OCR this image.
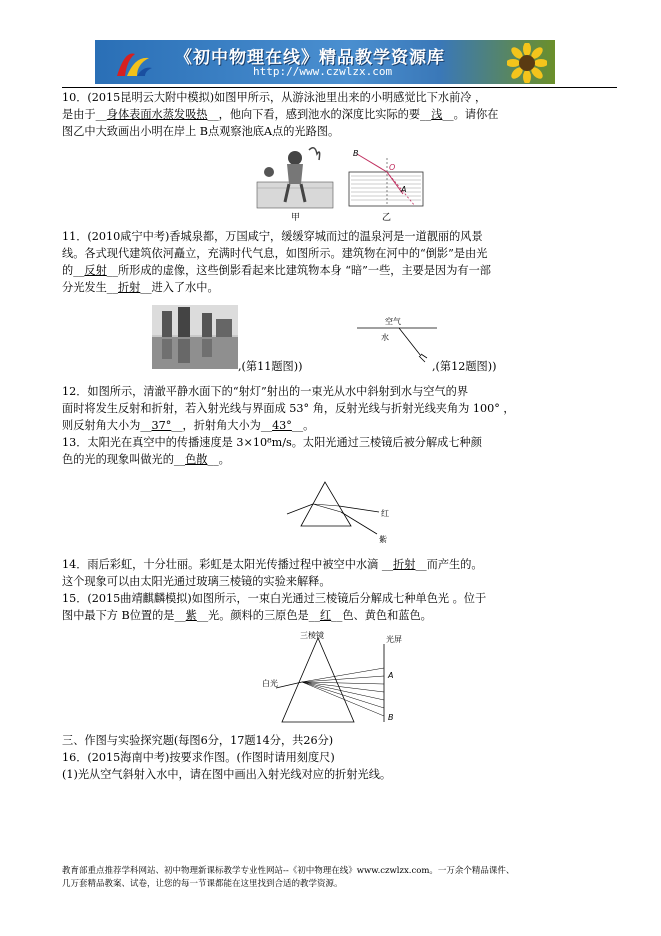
《初中物理在线》精品教学资源库
http://www.czwlzx.com
10．(2015昆明云大附中模拟)如图甲所示，从游泳池里出来的小明感觉比下水前冷 ，
是由于__身体表面水蒸发吸热__，他向下看，感到池水的深度比实际的要__浅__。请你在
图乙中大致画出小明在岸上 B点观察池底A点的光路图。
甲
B
O
A
乙
11．(2010咸宁中考)香城泉都，万国咸宁，缓缓穿城而过的温泉河是一道靓丽的风景
线。各式现代建筑依河矗立，充满时代气息，如图所示。建筑物在河中的“倒影”是由光
的__反射__所形成的虚像，这些倒影看起来比建筑物本身 “暗”一些，主要是因为有一部
分光发生__折射__进入了水中。
,(第11题图))
空气
水
,(第12题图))
12．如图所示，清澈平静水面下的“射灯”射出的一束光从水中斜射到水与空气的界
面时将发生反射和折射，若入射光线与界面成 53° 角，反射光线与折射光线夹角为 100° ，
则反射角大小为__37°__，折射角大小为__43°__。
13．太阳光在真空中的传播速度是 3×10⁸m/s。太阳光通过三棱镜后被分解成七种颜
色的光的现象叫做光的__色散__。
红
紫
14．雨后彩虹，十分壮丽。彩虹是太阳光传播过程中被空中水滴 __折射__而产生的。
这个现象可以由太阳光通过玻璃三棱镜的实验来解释。
15．(2015曲靖麒麟模拟)如图所示，一束白光通过三棱镜后分解成七种单色光 。位于
图中最下方 B位置的是__紫__光。颜料的三原色是__红__色、黄色和蓝色。
三棱镜	光屏
白光
A
B
三、作图与实验探究题(每图6分，17题14分，共26分)
16．(2015海南中考)按要求作图。(作图时请用刻度尺)
(1)光从空气斜射入水中，请在图中画出入射光线对应的折射光线。
教育部重点推荐学科网站、初中物理新课标教学专业性网站--《初中物理在线》www.czwlzx.com。一万余个精品课件、
几万套精品教案、试卷，让您的每一节课都能在这里找到合适的教学资源。
